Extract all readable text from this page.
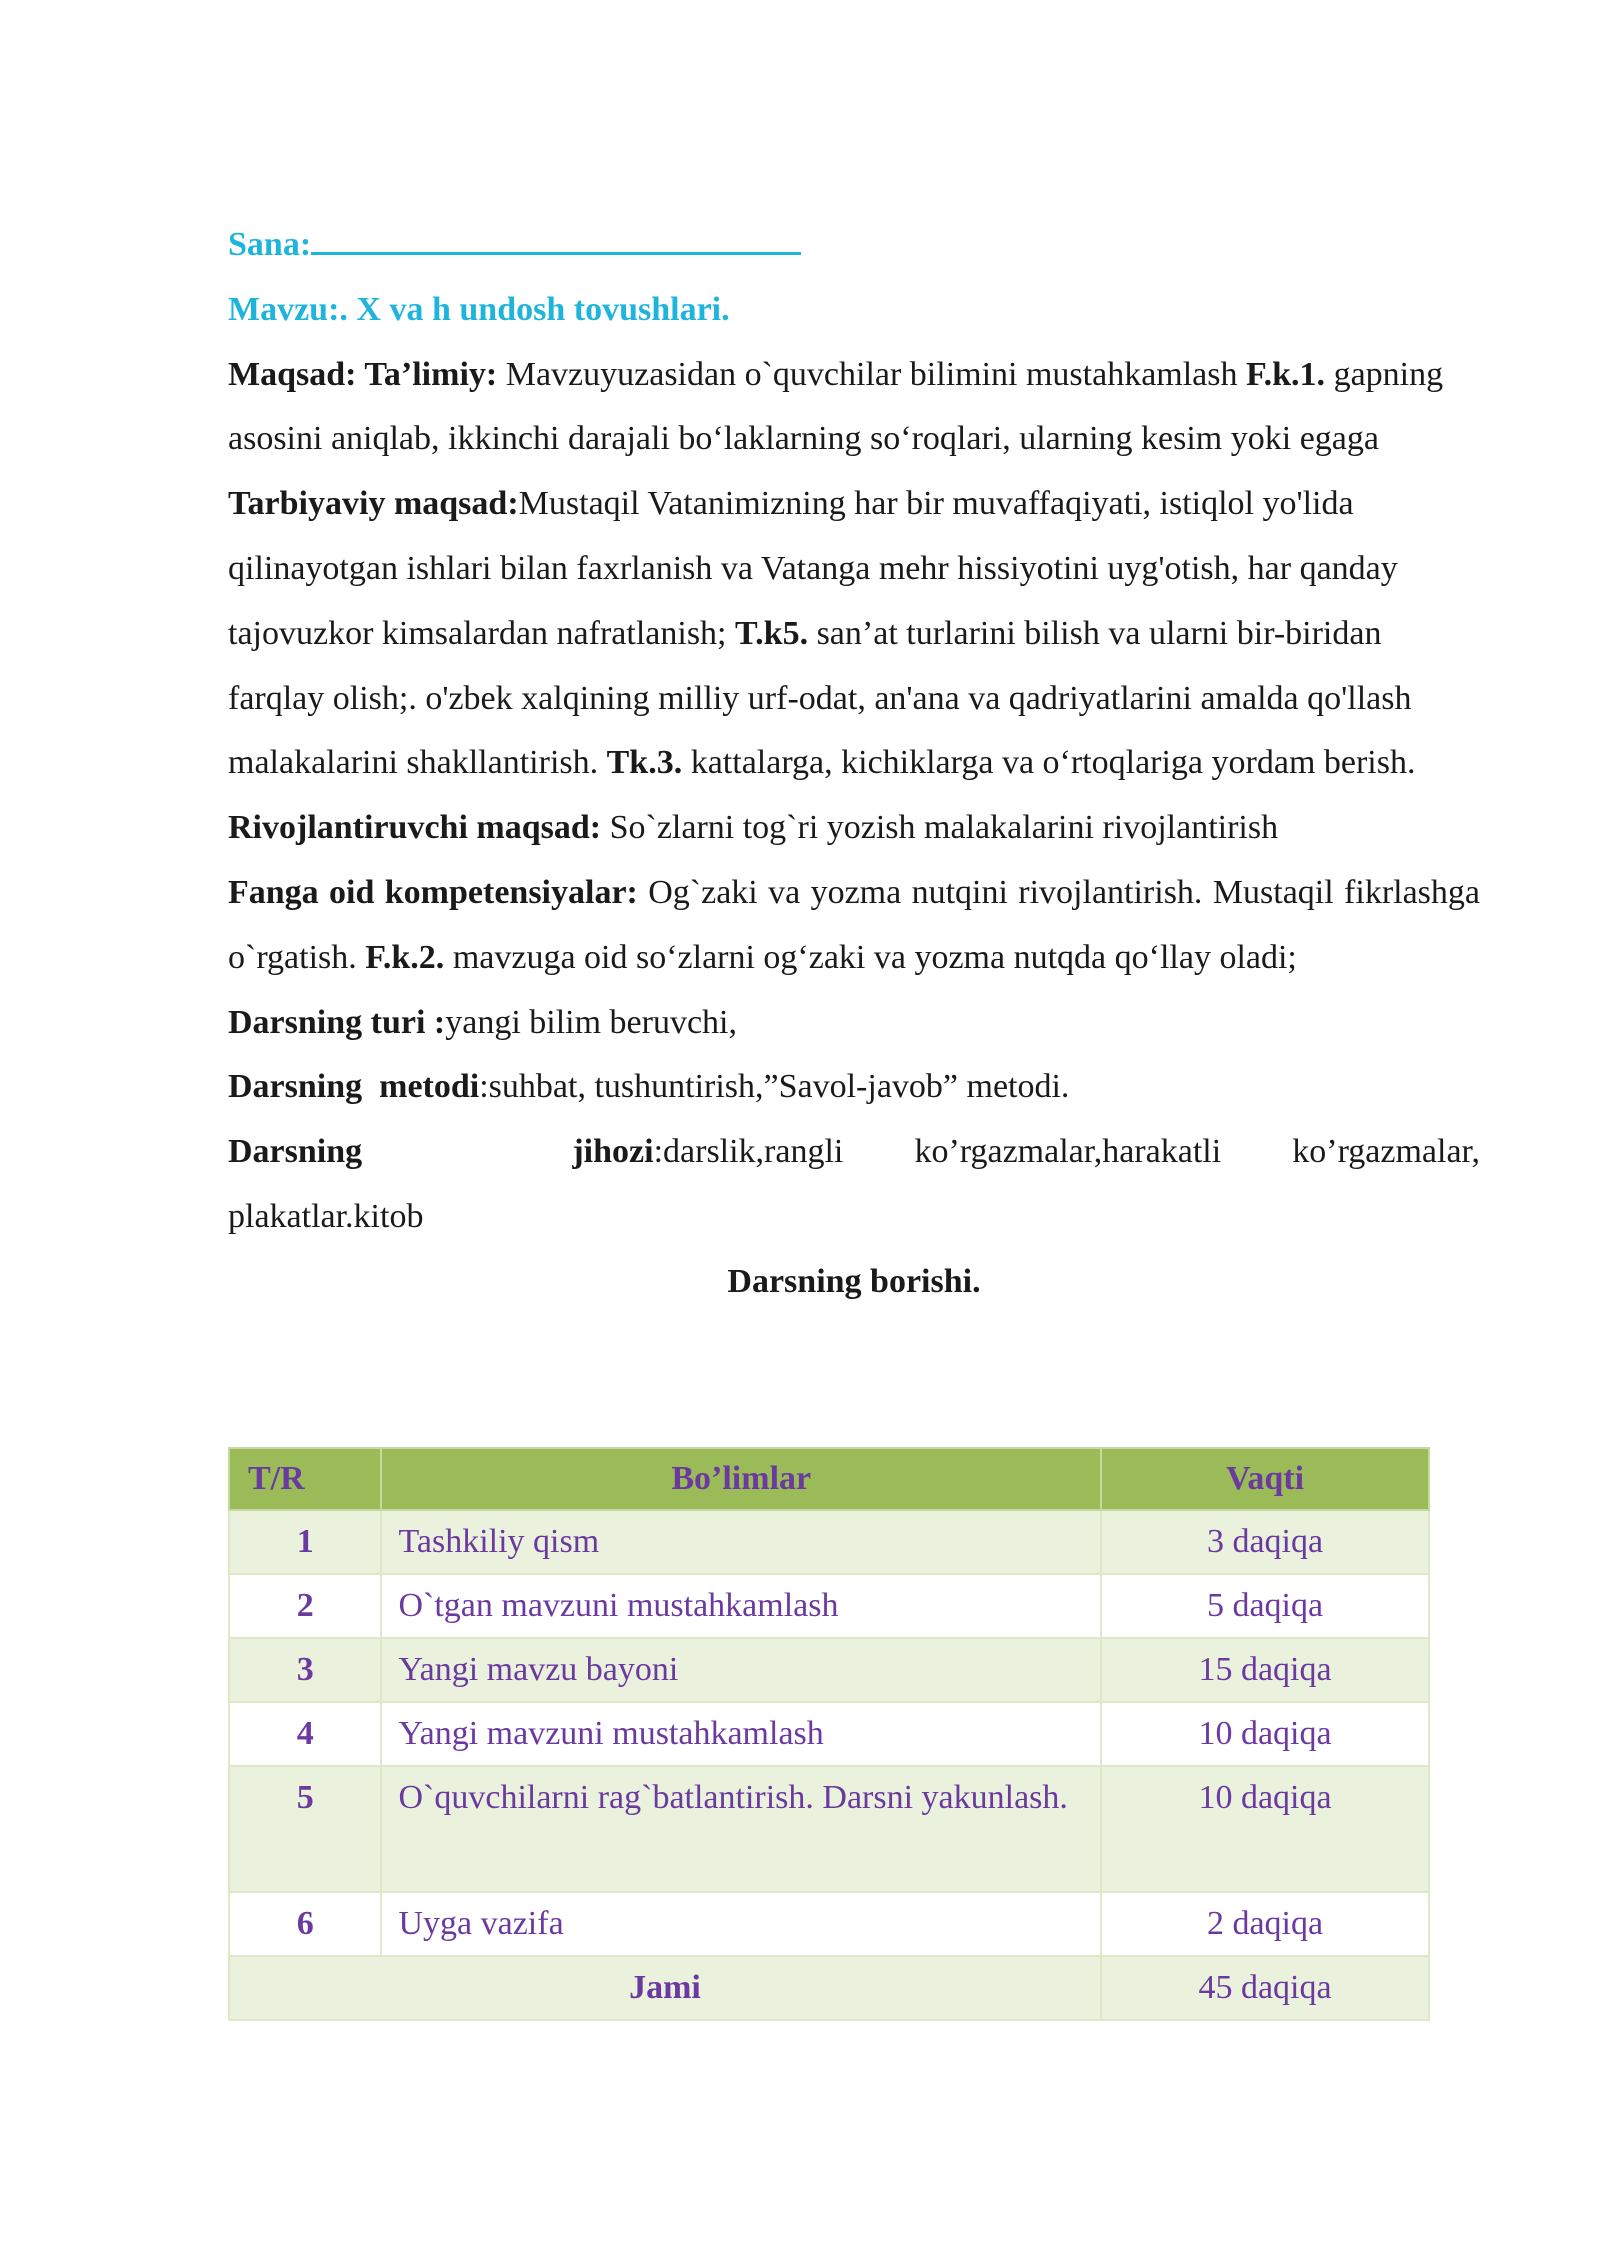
Sana:

Mavzu:. X va h undosh tovushlari.

Maqsad: Ta’limiy: Mavzuyuzasidan o`quvchilar bilimini mustahkamlash F.k.1. gapning asosini aniqlab, ikkinchi darajali bo‘laklarning so‘roqlari, ularning kesim yoki egaga Tarbiyaviy maqsad:Mustaqil Vatanimizning har bir muvaffaqiyati, istiqlol yo'lida qilinayotgan ishlari bilan faxrlanish va Vatanga mehr hissiyotini uyg'otish, har qanday tajovuzkor kimsalardan nafratlanish; T.k5. san’at turlarini bilish va ularni bir-biridan farqlay olish;. o'zbek xalqining milliy urf-odat, an'ana va qadriyatlarini amalda qo'llash malakalarini shakllantirish. Tk.3. kattalarga, kichiklarga va o‘rtoqlariga yordam berish.

Rivojlantiruvchi maqsad: So`zlarni tog`ri yozish malakalarini rivojlantirish

Fanga oid kompetensiyalar: Og`zaki va yozma nutqini rivojlantirish. Mustaqil fikrlashga o`rgatish. F.k.2. mavzuga oid so‘zlarni og‘zaki va yozma nutqda qo‘llay oladi;

Darsning turi :yangi bilim beruvchi,

Darsning  metodi:suhbat, tushuntirish,”Savol-javob” metodi.

Darsning	jihozi:darslik,rangli ko’rgazmalar,harakatli ko’rgazmalar, plakatlar.kitob

Darsning borishi.

T/R	Bo’limlar	Vaqti
1	Tashkiliy qism	3 daqiqa
2	O`tgan mavzuni mustahkamlash	5 daqiqa
3	Yangi mavzu bayoni	15 daqiqa
4	Yangi mavzuni mustahkamlash	10 daqiqa
5	O`quvchilarni rag`batlantirish. Darsni yakunlash.	10 daqiqa
6	Uyga vazifa	2 daqiqa
Jami		45 daqiqa
